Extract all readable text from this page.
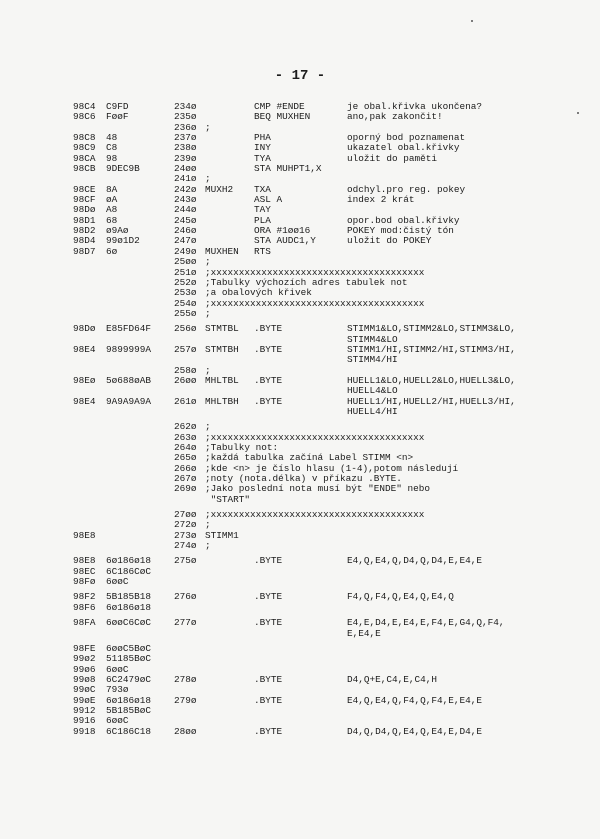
- 17 -
98C4 C9FD	234ø	CMP #ENDE	je obal.křivka ukončena?
98C6 FøøF	235ø	BEQ MUXHEN	ano,pak zakončit!
236ø ;
98C8 48	237ø	PHA	oporný bod poznamenat
98C9 C8	238ø	INY	ukazatel obal.křivky
98CA 98	239ø	TYA	uložit do paměti
98CB 9DEC9B	24øø	STA MUHPT1,X
241ø ;
98CE 8A	242ø MUXH2 TXA	odchyl.pro reg. pokey
98CF øA	243ø	ASL A	index 2 krát
98Dø A8	244ø	TAY
98D1 68	245ø	PLA	opor.bod obal.křivky
98D2 ø9Aø	246ø	ORA #1øø16	POKEY mod:čistý tón
98D4 99ø1D2	247ø	STA AUDC1,Y	uložit do POKEY
98D7 6ø	249ø MUXHEN RTS
25øø ;
251ø ;xxxxxxxxxxxxxxxxxxxxxxxxxxxxxxxxxxxxxx
252ø ;Tabulky výchozích adres tabulek not
253ø ;a obalových křivek
254ø ;xxxxxxxxxxxxxxxxxxxxxxxxxxxxxxxxxxxxxx
255ø ;
98Dø E85FD64F 256ø STMTBL .BYTE	STIMM1&LO,STIMM2&LO,STIMM3&LO,
STIMM4&LO
98E4 9899999A 257ø STMTBH .BYTE	STIMM1/HI,STIMM2/HI,STIMM3/HI,
STIMM4/HI
258ø ;
98Eø 5ø688øAB 26øø MHLTBL .BYTE	HUELL1&LO,HUELL2&LO,HUELL3&LO,
HUELL4&LO
98E4 9A9A9A9A 261ø MHLTBH .BYTE	HUELL1/HI,HUELL2/HI,HUELL3/HI,
HUELL4/HI
262ø ;
263ø ;xxxxxxxxxxxxxxxxxxxxxxxxxxxxxxxxxxxxxx
264ø ;Tabulky not:
265ø ;každá tabulka začíná Label STIMM <n>
266ø ;kde <n> je číslo hlasu (1-4),potom následují
267ø ;noty (nota.délka) v příkazu .BYTE.
269ø ;Jako poslední nota musí být "ENDE" nebo
"START"
27øø ;xxxxxxxxxxxxxxxxxxxxxxxxxxxxxxxxxxxxxx
272ø ;
98E8	273ø STIMM1
274ø ;
98E8 6ø186ø18 275ø	.BYTE	E4,Q,E4,Q,D4,Q,D4,E,E4,E
98EC 6C186CøC
98Fø 6øøC
98F2 5B185B18 276ø	.BYTE	F4,Q,F4,Q,E4,Q,E4,Q
98F6 6ø186ø18
98FA 6øøC6CøC 277ø	.BYTE	E4,E,D4,E,E4,E,F4,E,G4,Q,F4,
E,E4,E
98FE 6øøC5BøC
99ø2 51185BøC
99ø6 6øøC
99ø8 6C2479øC 278ø	.BYTE	D4,Q+E,C4,E,C4,H
99øC 793ø
99øE 6ø186ø18 279ø	.BYTE	E4,Q,E4,Q,F4,Q,F4,E,E4,E
9912 5B185BøC
9916 6øøC
9918 6C186C18 28øø	.BYTE	D4,Q,D4,Q,E4,Q,E4,E,D4,E
